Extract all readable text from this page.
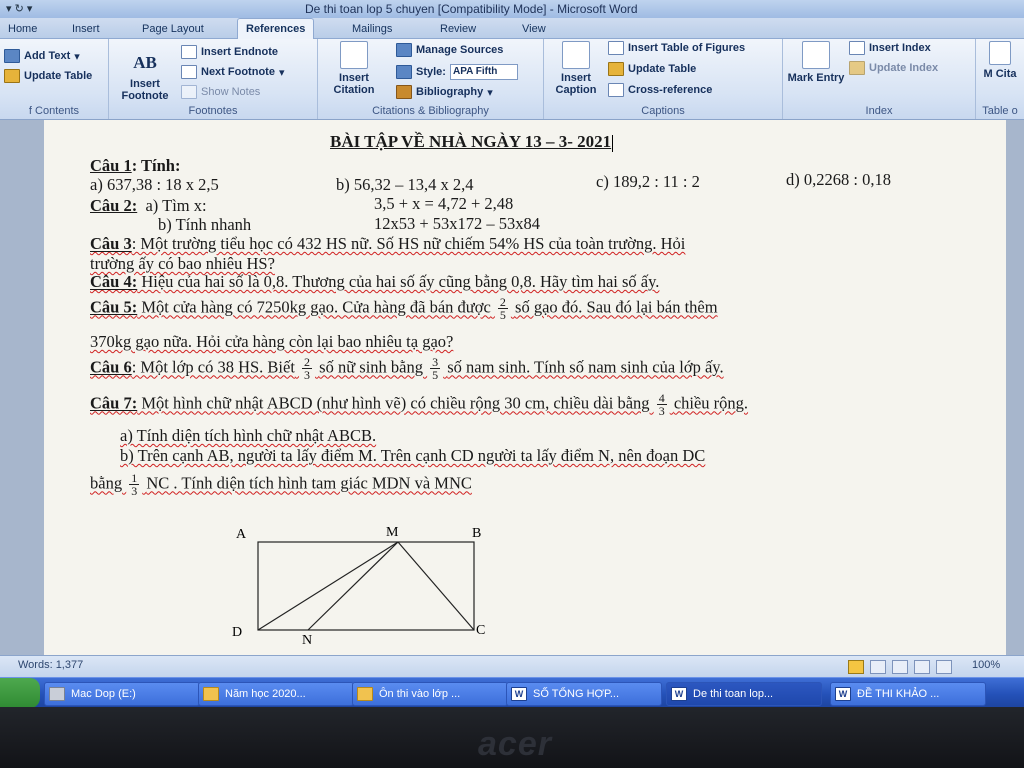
▾ ↻ ▾	De thi toan lop 5 chuyen [Compatibility Mode] - Microsoft Word
Home	Insert	Page Layout	References	Mailings	Review	View
Add Text ▾
Update Table
f Contents
AB
Insert Footnote
Insert Endnote
Next Footnote ▾
Show Notes
Footnotes
Insert Citation
Manage Sources
Style: APA Fifth
Bibliography ▾
Citations & Bibliography
Insert Caption
Insert Table of Figures
Update Table
Cross-reference
Captions
Mark Entry
Insert Index
Update Index
Index
M Cita
Table o
BÀI TẬP VỀ NHÀ NGÀY 13 – 3- 2021
Câu 1: Tính:
a) 637,38 : 18 x 2,5	b) 56,32 – 13,4 x 2,4	c) 189,2 : 11 : 2	d) 0,2268 : 0,18
Câu 2: a) Tìm x:	3,5 + x = 4,72 + 2,48
b) Tính nhanh	12x53 + 53x172 – 53x84
Câu 3: Một trường tiểu học có 432 HS nữ. Số HS nữ chiếm 54% HS của toàn trường. Hỏi
trường ấy có bao nhiêu HS?
Câu 4: Hiệu của hai số là 0,8. Thương của hai số ấy cũng bằng 0,8. Hãy tìm hai số ấy.
Câu 5: Một cửa hàng có 7250kg gạo. Cửa hàng đã bán được $\frac{2}{5}$ số gạo đó. Sau đó lại bán thêm
370kg gạo nữa. Hỏi cửa hàng còn lại bao nhiêu tạ gạo?
Câu 6: Một lớp có 38 HS. Biết $\frac{2}{3}$ số nữ sinh bằng $\frac{3}{5}$ số nam sinh. Tính số nam sinh của lớp ấy.
Câu 7: Một hình chữ nhật ABCD (như hình vẽ) có chiều rộng 30 cm, chiều dài bằng $\frac{4}{3}$ chiều rộng.
a) Tính diện tích hình chữ nhật ABCB.
b) Trên cạnh AB, người ta lấy điểm M. Trên cạnh CD người ta lấy điểm N, nên đoạn DC
bằng $\frac{1}{3}$ NC . Tính diện tích hình tam giác MDN và MNC
A	M	B
D
N
C
Words: 1,377	100%
Mac Dop (E:)	Năm học 2020...	Ôn thi vào lớp ...	W SỐ TỔNG HỢP...	W De thi toan lop...	W ĐỀ THI KHẢO ...
acer
